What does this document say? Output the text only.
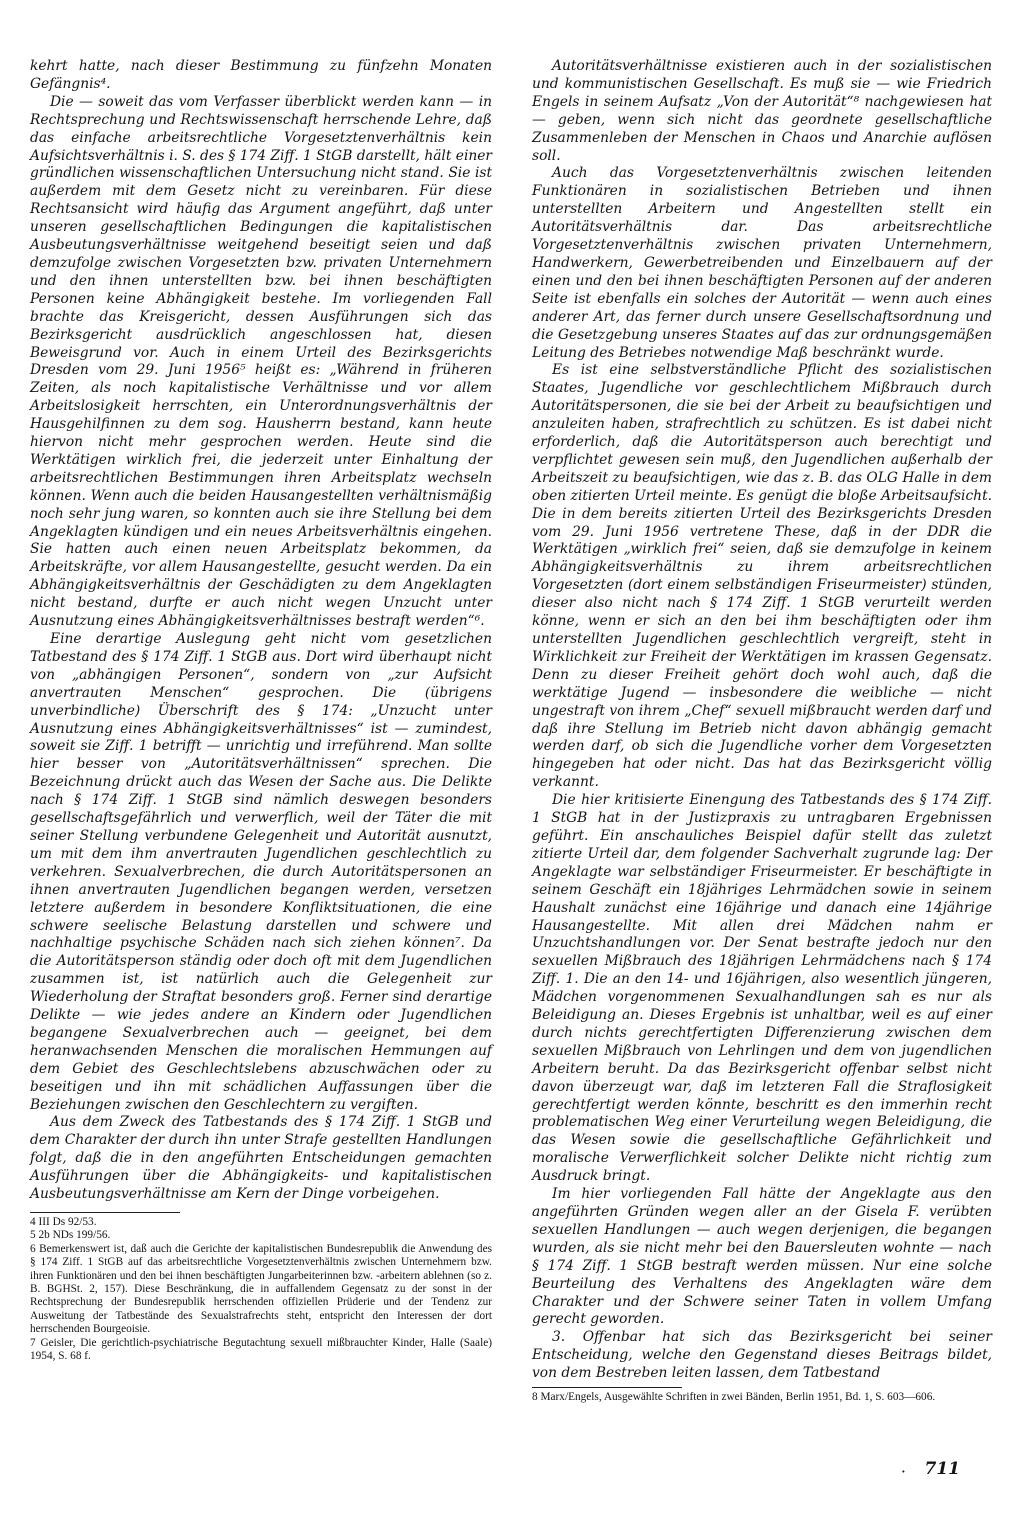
kehrt hatte, nach dieser Bestimmung zu fünfzehn Monaten Gefängnis⁴.

Die — soweit das vom Verfasser überblickt werden kann — in Rechtsprechung und Rechtswissenschaft herrschende Lehre, daß das einfache arbeitsrechtliche Vorgesetztenverhältnis kein Aufsichtsverhältnis i. S. des § 174 Ziff. 1 StGB darstellt, hält einer gründlichen wissenschaftlichen Untersuchung nicht stand. Sie ist außerdem mit dem Gesetz nicht zu vereinbaren. Für diese Rechtsansicht wird häufig das Argument angeführt, daß unter unseren gesellschaftlichen Bedingungen die kapitalistischen Ausbeutungsverhältnisse weitgehend beseitigt seien und daß demzufolge zwischen Vorgesetzten bzw. privaten Unternehmern und den ihnen unterstellten bzw. bei ihnen beschäftigten Personen keine Abhängigkeit bestehe. Im vorliegenden Fall brachte das Kreisgericht, dessen Ausführungen sich das Bezirksgericht ausdrücklich angeschlossen hat, diesen Beweisgrund vor. Auch in einem Urteil des Bezirksgerichts Dresden vom 29. Juni 1956⁵ heißt es: „Während in früheren Zeiten, als noch kapitalistische Verhältnisse und vor allem Arbeitslosigkeit herrschten, ein Unterordnungsverhältnis der Hausgehilfinnen zu dem sog. Hausherrn bestand, kann heute hiervon nicht mehr gesprochen werden. Heute sind die Werktätigen wirklich frei, die jederzeit unter Einhaltung der arbeitsrechtlichen Bestimmungen ihren Arbeitsplatz wechseln können. Wenn auch die beiden Hausangestellten verhältnismäßig noch sehr jung waren, so konnten auch sie ihre Stellung bei dem Angeklagten kündigen und ein neues Arbeitsverhältnis eingehen. Sie hatten auch einen neuen Arbeitsplatz bekommen, da Arbeitskräfte, vor allem Hausangestellte, gesucht werden. Da ein Abhängigkeitsverhältnis der Geschädigten zu dem Angeklagten nicht bestand, durfte er auch nicht wegen Unzucht unter Ausnutzung eines Abhängigkeitsverhältnisses bestraft werden“⁶.

Eine derartige Auslegung geht nicht vom gesetzlichen Tatbestand des § 174 Ziff. 1 StGB aus. Dort wird überhaupt nicht von „abhängigen Personen“, sondern von „zur Aufsicht anvertrauten Menschen“ gesprochen. Die (übrigens unverbindliche) Überschrift des § 174: „Unzucht unter Ausnutzung eines Abhängigkeitsverhältnisses“ ist — zumindest, soweit sie Ziff. 1 betrifft — unrichtig und irreführend. Man sollte hier besser von „Autoritätsverhältnissen“ sprechen. Die Bezeichnung drückt auch das Wesen der Sache aus. Die Delikte nach § 174 Ziff. 1 StGB sind nämlich deswegen besonders gesellschaftsgefährlich und verwerflich, weil der Täter die mit seiner Stellung verbundene Gelegenheit und Autorität ausnutzt, um mit dem ihm anvertrauten Jugendlichen geschlechtlich zu verkehren. Sexualverbrechen, die durch Autoritätspersonen an ihnen anvertrauten Jugendlichen begangen werden, versetzen letztere außerdem in besondere Konfliktsituationen, die eine schwere seelische Belastung darstellen und schwere und nachhaltige psychische Schäden nach sich ziehen können⁷. Da die Autoritätsperson ständig oder doch oft mit dem Jugendlichen zusammen ist, ist natürlich auch die Gelegenheit zur Wiederholung der Straftat besonders groß. Ferner sind derartige Delikte — wie jedes andere an Kindern oder Jugendlichen begangene Sexualverbrechen auch — geeignet, bei dem heranwachsenden Menschen die moralischen Hemmungen auf dem Gebiet des Geschlechtslebens abzuschwächen oder zu beseitigen und ihn mit schädlichen Auffassungen über die Beziehungen zwischen den Geschlechtern zu vergiften.

Aus dem Zweck des Tatbestands des § 174 Ziff. 1 StGB und dem Charakter der durch ihn unter Strafe gestellten Handlungen folgt, daß die in den angeführten Entscheidungen gemachten Ausführungen über die Abhängigkeits- und kapitalistischen Ausbeutungsverhältnisse am Kern der Dinge vorbeigehen.

4 III Ds 92/53.

5 2b NDs 199/56.

6 Bemerkenswert ist, daß auch die Gerichte der kapitalistischen Bundesrepublik die Anwendung des § 174 Ziff. 1 StGB auf das arbeitsrechtliche Vorgesetztenverhältnis zwischen Unternehmern bzw. ihren Funktionären und den bei ihnen beschäftigten Jungarbeiterinnen bzw. -arbeitern ablehnen (so z. B. BGHSt. 2, 157). Diese Beschränkung, die in auffallendem Gegensatz zu der sonst in der Rechtsprechung der Bundesrepublik herrschenden offiziellen Prüderie und der Tendenz zur Ausweitung der Tatbestände des Sexualstrafrechts steht, entspricht den Interessen der dort herrschenden Bourgeoisie.

7 Geisler, Die gerichtlich-psychiatrische Begutachtung sexuell mißbrauchter Kinder, Halle (Saale) 1954, S. 68 f.

Autoritätsverhältnisse existieren auch in der sozialistischen und kommunistischen Gesellschaft. Es muß sie — wie Friedrich Engels in seinem Aufsatz „Von der Autorität“⁸ nachgewiesen hat — geben, wenn sich nicht das geordnete gesellschaftliche Zusammenleben der Menschen in Chaos und Anarchie auflösen soll.

Auch das Vorgesetztenverhältnis zwischen leitenden Funktionären in sozialistischen Betrieben und ihnen unterstellten Arbeitern und Angestellten stellt ein Autoritätsverhältnis dar. Das arbeitsrechtliche Vorgesetztenverhältnis zwischen privaten Unternehmern, Handwerkern, Gewerbetreibenden und Einzelbauern auf der einen und den bei ihnen beschäftigten Personen auf der anderen Seite ist ebenfalls ein solches der Autorität — wenn auch eines anderer Art, das ferner durch unsere Gesellschaftsordnung und die Gesetzgebung unseres Staates auf das zur ordnungsgemäßen Leitung des Betriebes notwendige Maß beschränkt wurde.

Es ist eine selbstverständliche Pflicht des sozialistischen Staates, Jugendliche vor geschlechtlichem Mißbrauch durch Autoritätspersonen, die sie bei der Arbeit zu beaufsichtigen und anzuleiten haben, strafrechtlich zu schützen. Es ist dabei nicht erforderlich, daß die Autoritätsperson auch berechtigt und verpflichtet gewesen sein muß, den Jugendlichen außerhalb der Arbeitszeit zu beaufsichtigen, wie das z. B. das OLG Halle in dem oben zitierten Urteil meinte. Es genügt die bloße Arbeitsaufsicht. Die in dem bereits zitierten Urteil des Bezirksgerichts Dresden vom 29. Juni 1956 vertretene These, daß in der DDR die Werktätigen „wirklich frei“ seien, daß sie demzufolge in keinem Abhängigkeitsverhältnis zu ihrem arbeitsrechtlichen Vorgesetzten (dort einem selbständigen Friseurmeister) stünden, dieser also nicht nach § 174 Ziff. 1 StGB verurteilt werden könne, wenn er sich an den bei ihm beschäftigten oder ihm unterstellten Jugendlichen geschlechtlich vergreift, steht in Wirklichkeit zur Freiheit der Werktätigen im krassen Gegensatz. Denn zu dieser Freiheit gehört doch wohl auch, daß die werktätige Jugend — insbesondere die weibliche — nicht ungestraft von ihrem „Chef“ sexuell mißbraucht werden darf und daß ihre Stellung im Betrieb nicht davon abhängig gemacht werden darf, ob sich die Jugendliche vorher dem Vorgesetzten hingegeben hat oder nicht. Das hat das Bezirksgericht völlig verkannt.

Die hier kritisierte Einengung des Tatbestands des § 174 Ziff. 1 StGB hat in der Justizpraxis zu untragbaren Ergebnissen geführt. Ein anschauliches Beispiel dafür stellt das zuletzt zitierte Urteil dar, dem folgender Sachverhalt zugrunde lag: Der Angeklagte war selbständiger Friseurmeister. Er beschäftigte in seinem Geschäft ein 18jähriges Lehrmädchen sowie in seinem Haushalt zunächst eine 16jährige und danach eine 14jährige Hausangestellte. Mit allen drei Mädchen nahm er Unzuchtshandlungen vor. Der Senat bestrafte jedoch nur den sexuellen Mißbrauch des 18jährigen Lehrmädchens nach § 174 Ziff. 1. Die an den 14- und 16jährigen, also wesentlich jüngeren, Mädchen vorgenommenen Sexualhandlungen sah es nur als Beleidigung an. Dieses Ergebnis ist unhaltbar, weil es auf einer durch nichts gerechtfertigten Differenzierung zwischen dem sexuellen Mißbrauch von Lehrlingen und dem von jugendlichen Arbeitern beruht. Da das Bezirksgericht offenbar selbst nicht davon überzeugt war, daß im letzteren Fall die Straflosigkeit gerechtfertigt werden könnte, beschritt es den immerhin recht problematischen Weg einer Verurteilung wegen Beleidigung, die das Wesen sowie die gesellschaftliche Gefährlichkeit und moralische Verwerflichkeit solcher Delikte nicht richtig zum Ausdruck bringt.

Im hier vorliegenden Fall hätte der Angeklagte aus den angeführten Gründen wegen aller an der Gisela F. verübten sexuellen Handlungen — auch wegen derjenigen, die begangen wurden, als sie nicht mehr bei den Bauersleuten wohnte — nach § 174 Ziff. 1 StGB bestraft werden müssen. Nur eine solche Beurteilung des Verhaltens des Angeklagten wäre dem Charakter und der Schwere seiner Taten in vollem Umfang gerecht geworden.

3. Offenbar hat sich das Bezirksgericht bei seiner Entscheidung, welche den Gegenstand dieses Beitrags bildet, von dem Bestreben leiten lassen, dem Tatbestand

8 Marx/Engels, Ausgewählte Schriften in zwei Bänden, Berlin 1951, Bd. 1, S. 603—606.

· 711
